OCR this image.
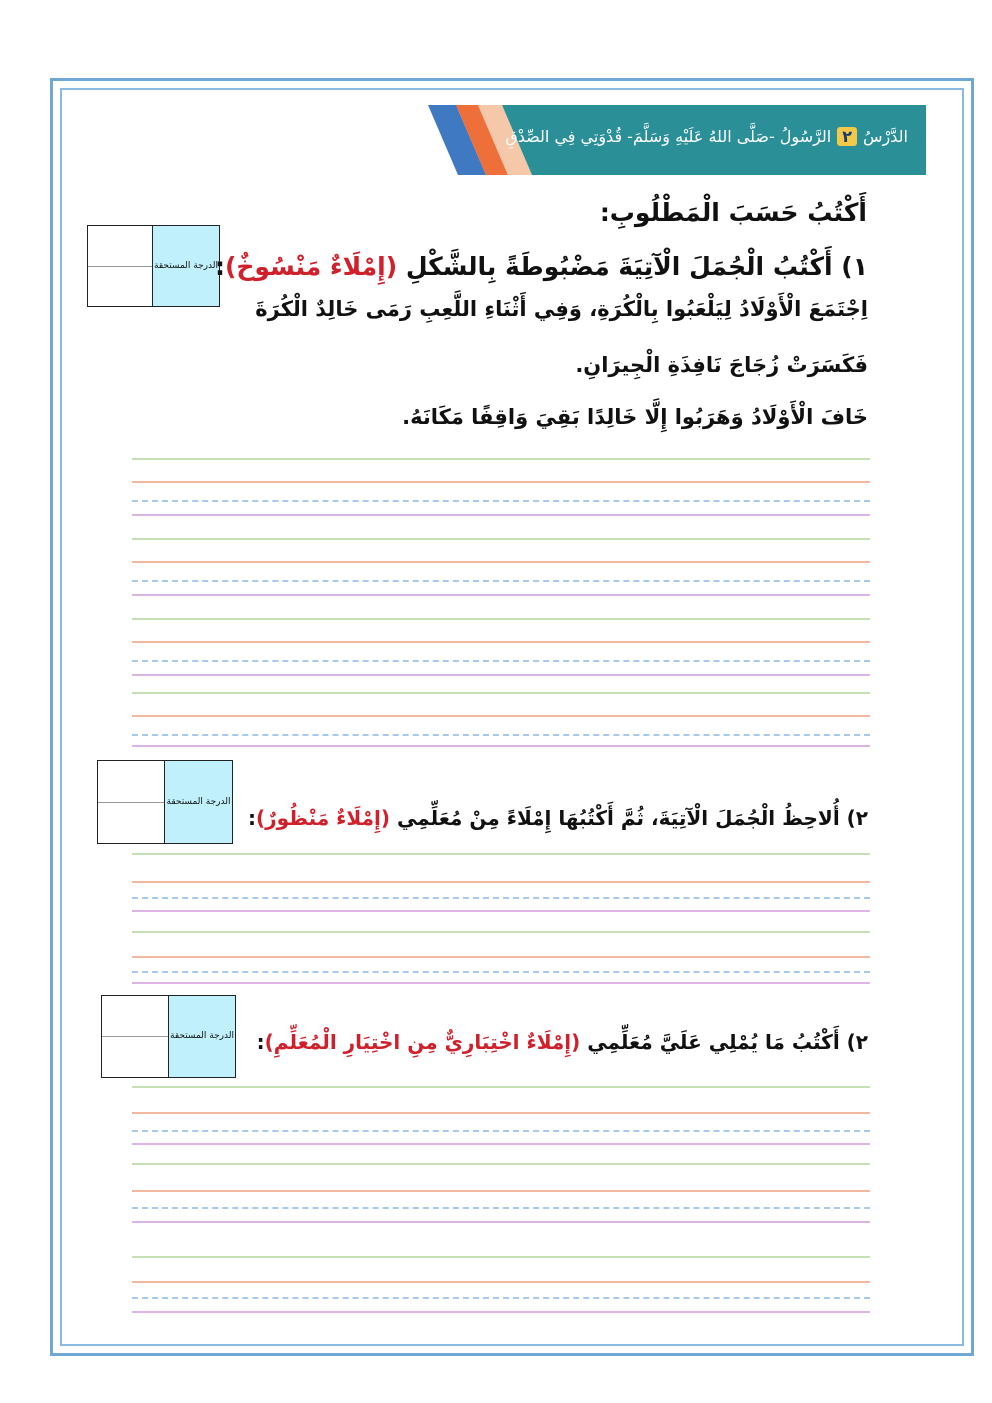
الدَّرْسُ٢الرَّسُولُ -صَلَّى اللهُ عَلَيْهِ وَسَلَّمَ- قُدْوَتِي فِي الصِّدْقِ
أَكْتُبُ حَسَبَ الْمَطْلُوبِ:
الدرجة المستحقة	١) أَكْتُبُ الْجُمَلَ الْآتِيَةَ مَضْبُوطَةً بِالشَّكْلِ (إِمْلَاءٌ مَنْسُوخٌ):
اِجْتَمَعَ الْأَوْلَادُ لِيَلْعَبُوا بِالْكُرَةِ، وَفِي أَثْنَاءِ اللَّعِبِ رَمَى خَالِدٌ الْكُرَةَ
فَكَسَرَتْ زُجَاجَ نَافِذَةِ الْجِيرَانِ.
خَافَ الْأَوْلَادُ وَهَرَبُوا إِلَّا خَالِدًا بَقِيَ وَاقِفًا مَكَانَهُ.
الدرجة المستحقة
٢) أُلاحِظُ الْجُمَلَ الْآتِيَةَ، ثُمَّ أَكْتُبُهَا إِمْلَاءً مِنْ مُعَلِّمِي (إِمْلَاءٌ مَنْظُورٌ):
الدرجة المستحقة	٢) أَكْتُبُ مَا يُمْلِي عَلَيَّ مُعَلِّمِي (إِمْلَاءٌ اخْتِبَارِيٌّ مِنِ اخْتِيَارِ الْمُعَلِّمِ):
